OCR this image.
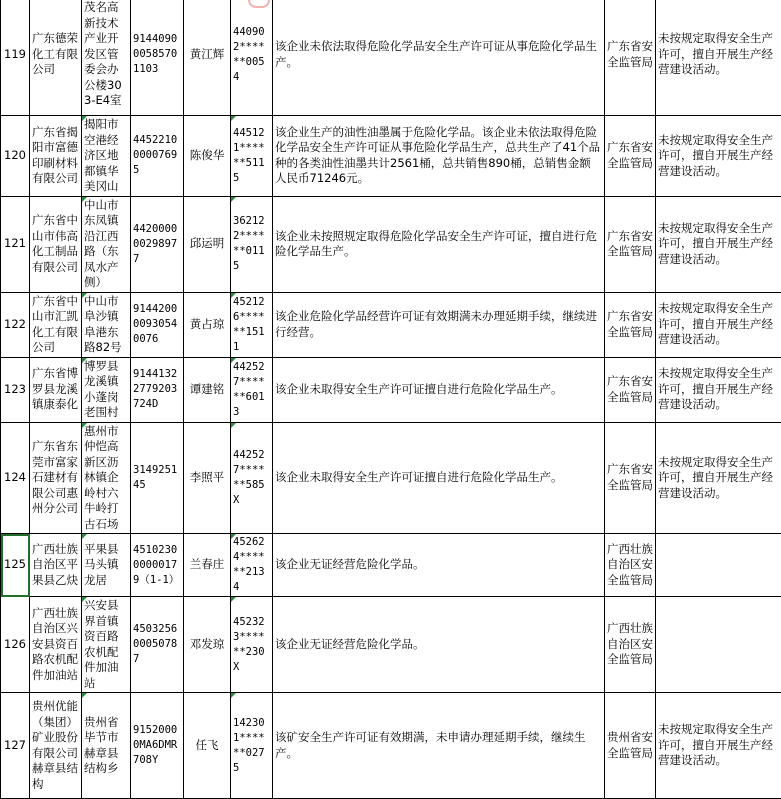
119	广东德荣化工有限公司	茂名高新技术产业开发区管委会办公楼303-E4室	914409000585701103	黄江辉	440902******0054	该企业未依法取得危险化学品安全生产许可证从事危险化学品生产。	广东省安全监管局	未按规定取得安全生产许可，擅自开展生产经营建设活动。
120	广东省揭阳市富德印刷材料有限公司	揭阳市空港经济区地都镇华美冈山	445221000007695	陈俊华	445121******5115	该企业生产的油性油墨属于危险化学品。该企业未依法取得危险化学品安全生产许可证从事危险化学品生产，总共生产了41个品种的各类油性油墨共计2561桶，总共销售890桶，总销售金额人民币71246元。	广东省安全监管局	未按规定取得安全生产许可，擅自开展生产经营建设活动。
121	广东省中山市伟高化工制品有限公司	中山市东凤镇沿江西路（东凤水产侧）	442000000298977	邱运明	362122******0115	该企业未按照规定取得危险化学品安全生产许可证，擅自进行危险化学品生产。	广东省安全监管局	未按规定取得安全生产许可，擅自开展生产经营建设活动。
122	广东省中山市汇凯化工有限公司	中山市阜沙镇阜港东路82号	914420000930540076	黄占琼	452126******1511	该企业危险化学品经营许可证有效期满未办理延期手续，继续进行经营。	广东省安全监管局	未按规定取得安全生产许可，擅自开展生产经营建设活动。
123	广东省博罗县龙溪镇康泰化	博罗县龙溪镇小蓬岗老围村	91441322779203724D	谭建铭	442527******6013	该企业未取得安全生产许可证擅自进行危险化学品生产。	广东省安全监管局	未按规定取得安全生产许可，擅自开展生产经营建设活动。
124	广东省东莞市富家石建材有限公司惠州分公司	惠州市仲恺高新区沥林镇企岭村六牛岭打古石场	314925145	李照平	442527******585X	该企业未取得安全生产许可证擅自进行危险化学品生产。	广东省安全监管局	未按规定取得安全生产许可，擅自开展生产经营建设活动。
125	广西壮族自治区平果县乙炔	平果县马头镇龙居	451023000000179（1-1）	兰春庄	452624******2134	该企业无证经营危险化学品。	广西壮族自治区安全监管局	
126	广西壮族自治区兴安县资百路农机配件加油站	兴安县界首镇资百路农机配件加油站	450325600050787	邓发琼	452323******230X	该企业无证经营危险化学品。	广西壮族自治区安全监管局	
127	贵州优能（集团）矿业股份有限公司赫章县结构	贵州省毕节市赫章县结构乡	91520000MA6DMR708Y	任飞	142301******0275	该矿安全生产许可证有效期满，未申请办理延期手续，继续生产。	贵州省安全监管局	未按规定取得安全生产许可，擅自开展生产经营建设活动。
